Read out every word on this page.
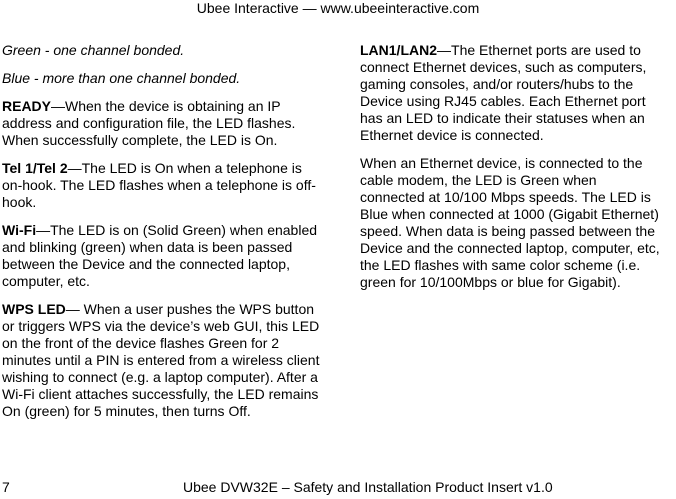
Ubee Interactive — www.ubeeinteractive.com

Green - one channel bonded.

Blue - more than one channel bonded.

READY—When the device is obtaining an IP address and configuration file, the LED flashes. When successfully complete, the LED is On.

Tel 1/Tel 2—The LED is On when a telephone is on-hook. The LED flashes when a telephone is off-hook.

Wi-Fi—The LED is on (Solid Green) when enabled and blinking (green) when data is been passed between the Device and the connected laptop, computer, etc.

WPS LED— When a user pushes the WPS button or triggers WPS via the device’s web GUI, this LED on the front of the device flashes Green for 2 minutes until a PIN is entered from a wireless client wishing to connect (e.g. a laptop computer). After a Wi-Fi client attaches successfully, the LED remains On (green) for 5 minutes, then turns Off.

LAN1/LAN2—The Ethernet ports are used to connect Ethernet devices, such as computers, gaming consoles, and/or routers/hubs to the Device using RJ45 cables. Each Ethernet port has an LED to indicate their statuses when an Ethernet device is connected.

When an Ethernet device, is connected to the cable modem, the LED is Green when connected at 10/100 Mbps speeds. The LED is Blue when connected at 1000 (Gigabit Ethernet) speed. When data is being passed between the Device and the connected laptop, computer, etc, the LED flashes with same color scheme (i.e. green for 10/100Mbps or blue for Gigabit).

7	Ubee DVW32E – Safety and Installation Product Insert v1.0
